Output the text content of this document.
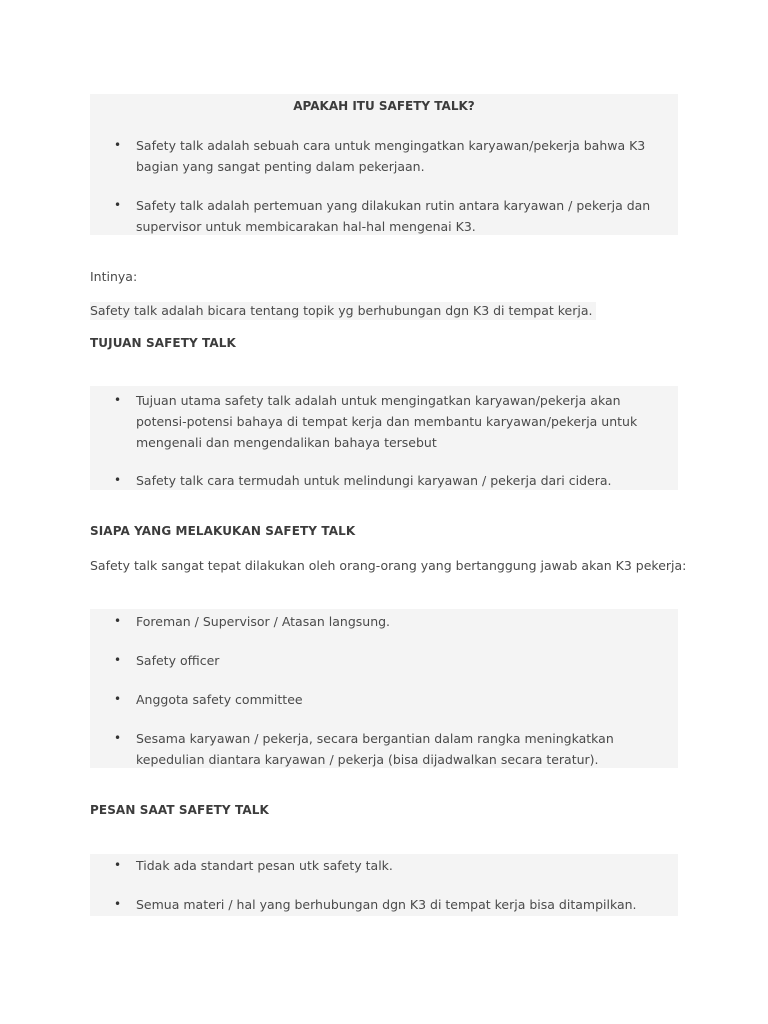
APAKAH ITU SAFETY TALK?
• Safety talk adalah sebuah cara untuk mengingatkan karyawan/pekerja bahwa K3 bagian yang sangat penting dalam pekerjaan.
• Safety talk adalah pertemuan yang dilakukan rutin antara karyawan / pekerja dan supervisor untuk membicarakan hal-hal mengenai K3.
Intinya:
Safety talk adalah bicara tentang topik yg berhubungan dgn K3 di tempat kerja.
TUJUAN SAFETY TALK
• Tujuan utama safety talk adalah untuk mengingatkan karyawan/pekerja akan potensi-potensi bahaya di tempat kerja dan membantu karyawan/pekerja untuk mengenali dan mengendalikan bahaya tersebut
• Safety talk cara termudah untuk melindungi karyawan / pekerja dari cidera.
SIAPA YANG MELAKUKAN SAFETY TALK
Safety talk sangat tepat dilakukan oleh orang-orang yang bertanggung jawab akan K3 pekerja:
• Foreman / Supervisor / Atasan langsung.
• Safety officer
• Anggota safety committee
• Sesama karyawan / pekerja, secara bergantian dalam rangka meningkatkan kepedulian diantara karyawan / pekerja (bisa dijadwalkan secara teratur).
PESAN SAAT SAFETY TALK
• Tidak ada standart pesan utk safety talk.
• Semua materi / hal yang berhubungan dgn K3 di tempat kerja bisa ditampilkan.
